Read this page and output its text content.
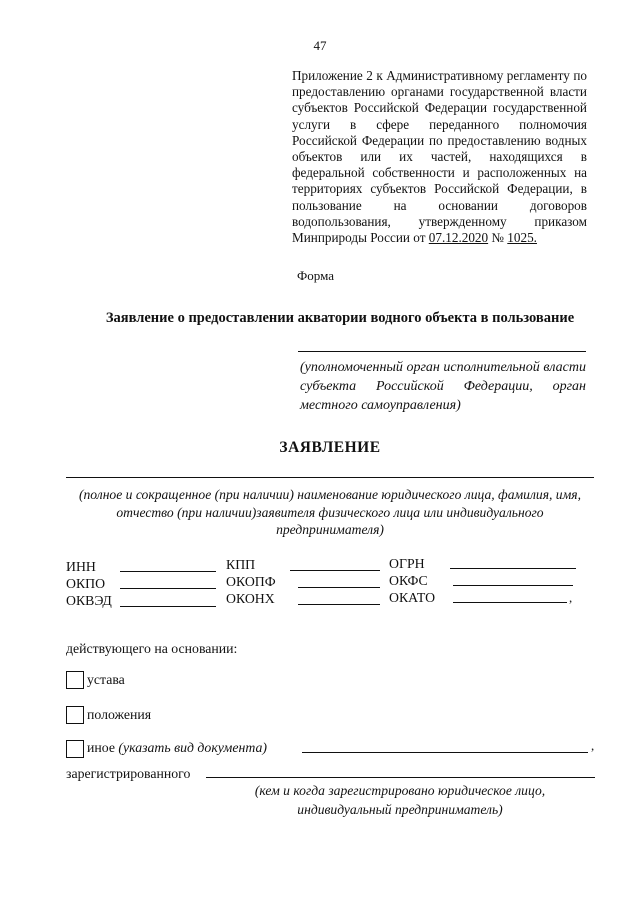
47
Приложение 2 к Административному регламенту по предоставлению органами государственной власти субъектов Российской Федерации государственной услуги в сфере переданного полномочия Российской Федерации по предоставлению водных объектов или их частей, находящихся в федеральной собственности и расположенных на территориях субъектов Российской Федерации, в пользование на основании договоров водопользования, утвержденному приказом Минприроды России от 07.12.2020 № 1025.
Форма
Заявление о предоставлении акватории водного объекта в пользование
(уполномоченный орган исполнительной власти субъекта Российской Федерации, орган местного самоуправления)
ЗАЯВЛЕНИЕ
(полное и сокращенное (при наличии) наименование юридического лица, фамилия, имя, отчество (при наличии)заявителя физического лица или индивидуального предпринимателя)
ИНН	КПП	ОГРН
ОКПО	ОКОПФ	ОКФС
ОКВЭД	ОКОНХ	ОКАТО	,
действующего на основании:
устава
положения
иное (указать вид документа)	,
зарегистрированного
(кем и когда зарегистрировано юридическое лицо, индивидуальный предприниматель)
